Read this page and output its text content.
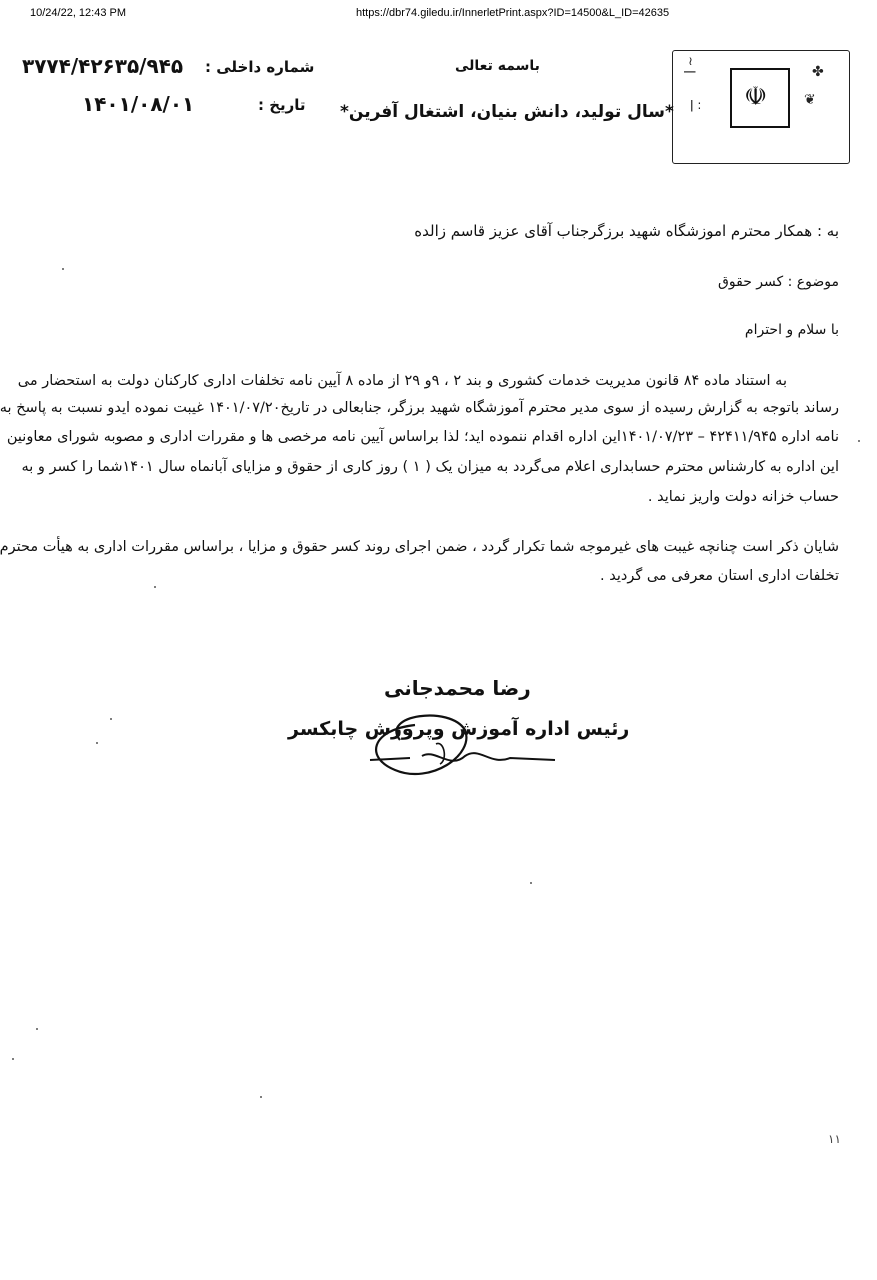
10/24/22, 12:43 PM	https://dbr74.giledu.ir/InnerletPrint.aspx?ID=14500&L_ID=42635
☫
~ ǀ
ǀ :
✤
❦
باسمه تعالی
*سال تولید، دانش بنیان، اشتغال آفرین*
شماره داخلی :
۳۷۷۴/۴۲۶۳۵/۹۴۵
تاریخ :
۱۴۰۱/۰۸/۰۱
به : همکار محترم اموزشگاه شهید برزگرجناب آقای عزیز قاسم زالده
موضوع : کسر حقوق
با سلام و احترام
به استناد ماده ۸۴ قانون مدیریت خدمات کشوری و بند ۲ ، ۹و ۲۹ از ماده ۸ آیین نامه تخلفات اداری کارکنان دولت به استحضار می
رساند باتوجه به گزارش رسیده از سوی مدیر محترم آموزشگاه شهید برزگر، جنابعالی در تاریخ۱۴۰۱/۰۷/۲۰ غیبت نموده ایدو نسبت به پاسخ به
نامه اداره ۴۲۴۱۱/۹۴۵ – ۱۴۰۱/۰۷/۲۳این اداره اقدام ننموده اید؛ لذا براساس آیین نامه مرخصی ها و مقررات اداری و مصوبه شورای معاونین
این اداره به کارشناس محترم حسابداری اعلام می‌گردد به میزان یک ( ۱ ) روز کاری از حقوق و مزایای آبانماه سال ۱۴۰۱شما را کسر و به
حساب خزانه دولت واریز نماید .
شایان ذکر است چنانچه غیبت های غیرموجه شما تکرار گردد ، ضمن اجرای روند کسر حقوق و مزایا ، براساس مقررات اداری به هیأت محترم
تخلفات اداری استان معرفی می گردید .
رضا محمدجانی
رئیس اداره آموزش وپرورش چابکسر
۱۱
